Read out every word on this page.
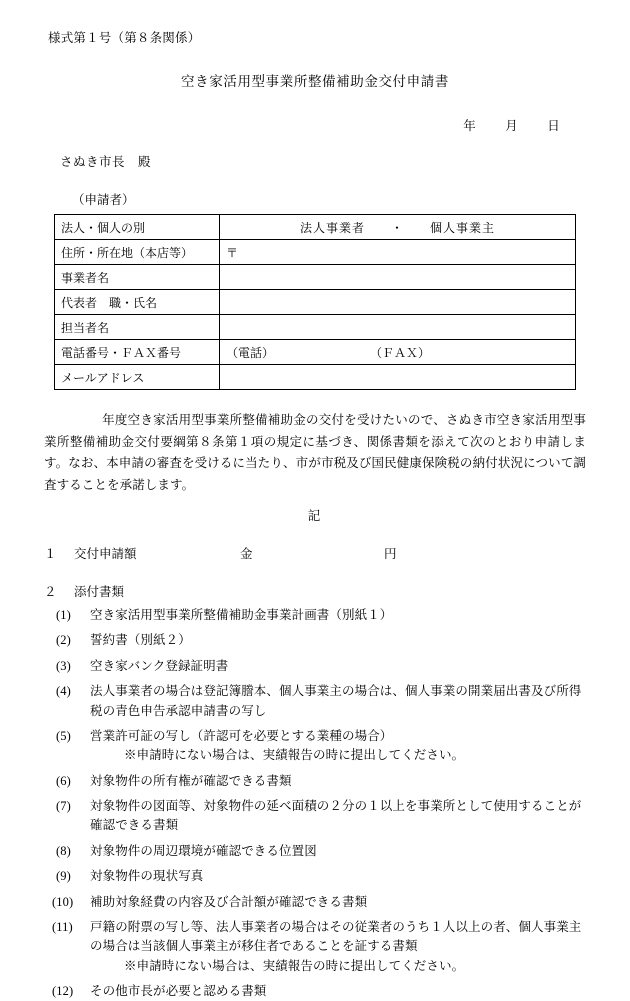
様式第１号（第８条関係）
空き家活用型事業所整備補助金交付申請書
年 月 日
さぬき市長　殿
（申請者）
法人・個人の別	法人事業者　　・　　個人事業主
住所・所在地（本店等）	〒
事業者名	
代表者　職・氏名	
担当者名	
電話番号・ＦＡＸ番号	（電話）　　　　　　　　　（ＦＡＸ）
メールアドレス	
年度空き家活用型事業所整備補助金の交付を受けたいので、さぬき市空き家活用型事業所整備補助金交付要綱第８条第１項の規定に基づき、関係書類を添えて次のとおり申請します。なお、本申請の審査を受けるに当たり、市が市税及び国民健康保険税の納付状況について調査することを承諾します。
記
１ 交付申請額	金	円
２ 添付書類
(1)	空き家活用型事業所整備補助金事業計画書（別紙１）
(2)	誓約書（別紙２）
(3)	空き家バンク登録証明書
(4)	法人事業者の場合は登記簿謄本、個人事業主の場合は、個人事業の開業届出書及び所得税の青色申告承認申請書の写し
(5)	営業許可証の写し（許認可を必要とする業種の場合）
※申請時にない場合は、実績報告の時に提出してください。
(6)	対象物件の所有権が確認できる書類
(7)	対象物件の図面等、対象物件の延べ面積の２分の１以上を事業所として使用することが確認できる書類
(8)	対象物件の周辺環境が確認できる位置図
(9)	対象物件の現状写真
(10)	補助対象経費の内容及び合計額が確認できる書類
(11)	戸籍の附票の写し等、法人事業者の場合はその従業者のうち１人以上の者、個人事業主の場合は当該個人事業主が移住者であることを証する書類
※申請時にない場合は、実績報告の時に提出してください。
(12)	その他市長が必要と認める書類
